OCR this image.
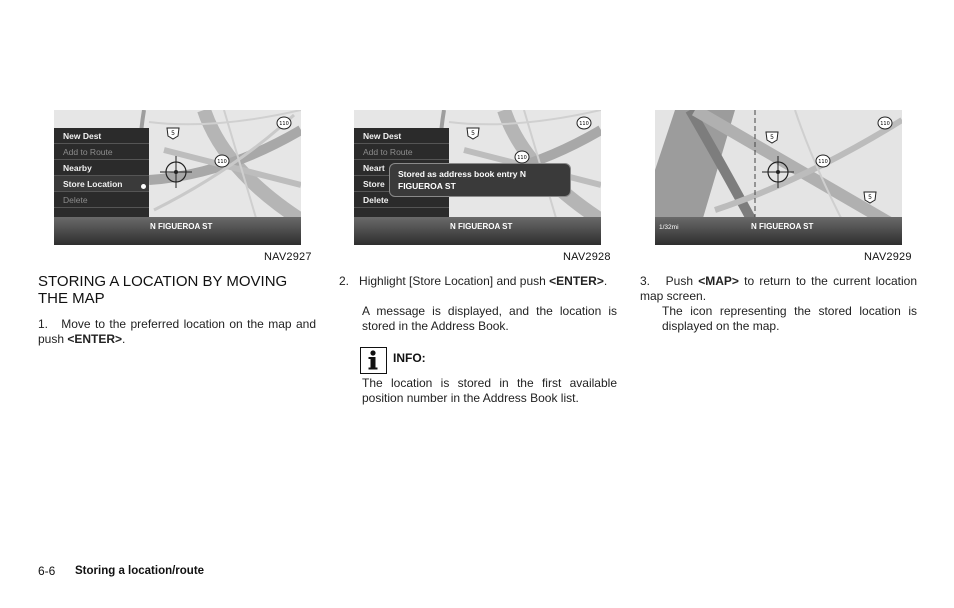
New Dest
Add to Route
Nearby
Store Location
Delete
N FIGUEROA ST
5
110
110
NAV2927
New Dest
Add to Route
Neart
Store
Delete
Stored as address book entry N
FIGUEROA ST
N FIGUEROA ST
5
110
110
NAV2928
1/32mi	N FIGUEROA ST
5
110
110
5
NAV2929
STORING A LOCATION BY MOVING THE MAP
1. Move to the preferred location on the map and push <ENTER>.
2. Highlight [Store Location] and push <ENTER>.
A message is displayed, and the location is stored in the Address Book.
INFO:
The location is stored in the first available position number in the Address Book list.
3. Push <MAP> to return to the current location map screen.
The icon representing the stored location is displayed on the map.
6-6 Storing a location/route
